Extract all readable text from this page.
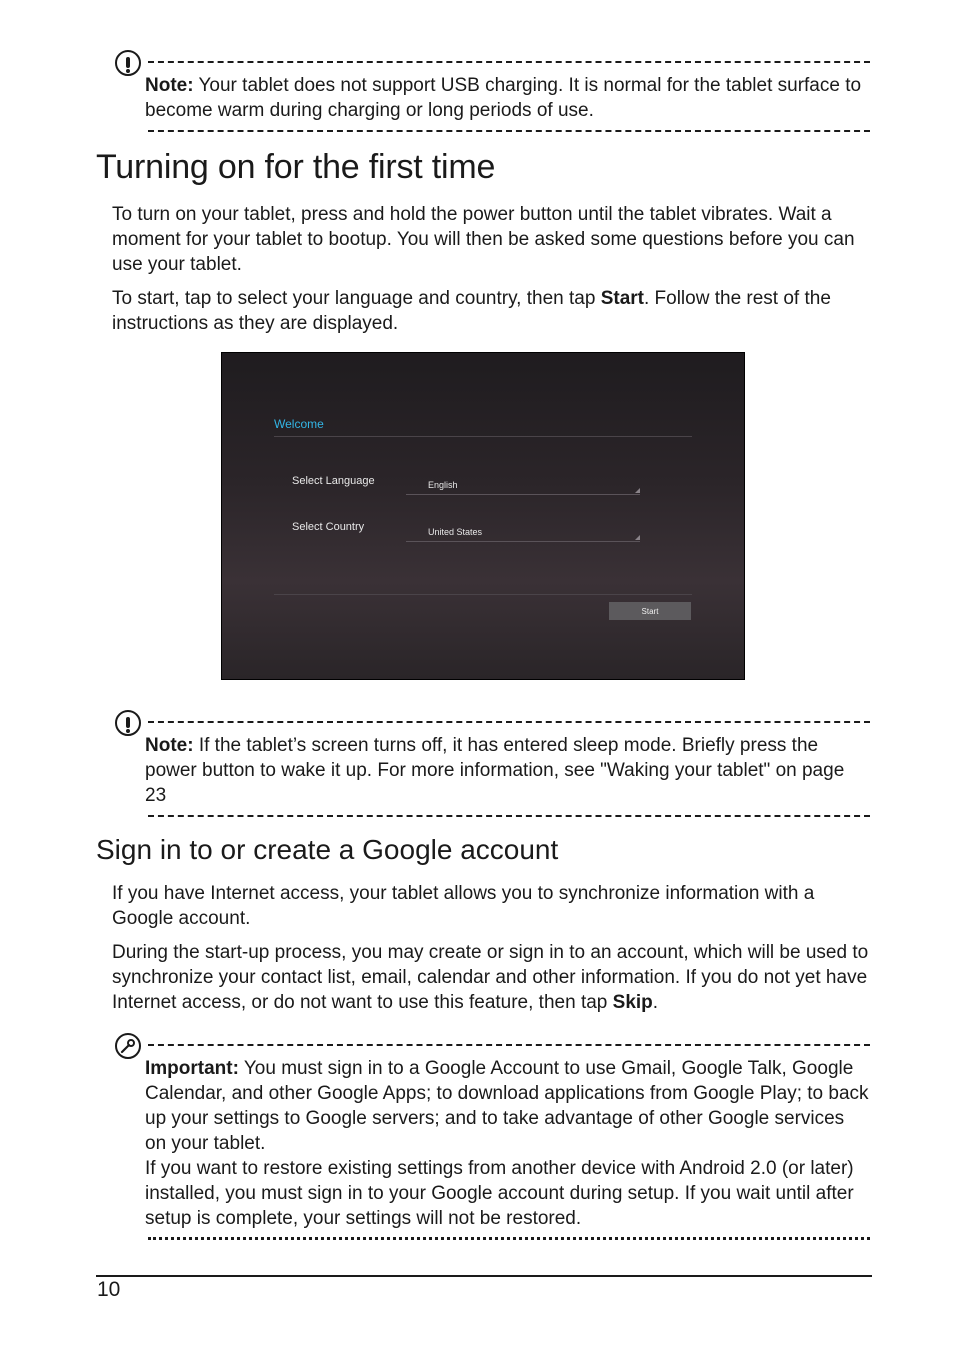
Note: Your tablet does not support USB charging. It is normal for the tablet surface to become warm during charging or long periods of use.

Turning on for the first time

To turn on your tablet, press and hold the power button until the tablet vibrates. Wait a moment for your tablet to bootup. You will then be asked some questions before you can use your tablet.

To start, tap to select your language and country, then tap Start. Follow the rest of the instructions as they are displayed.

Welcome
Select Language	English
Select Country	United States
Start

Note: If the tablet’s screen turns off, it has entered sleep mode. Briefly press the power button to wake it up. For more information, see "Waking your tablet" on page 23

Sign in to or create a Google account

If you have Internet access, your tablet allows you to synchronize information with a Google account.

During the start-up process, you may create or sign in to an account, which will be used to synchronize your contact list, email, calendar and other information. If you do not yet have Internet access, or do not want to use this feature, then tap Skip.

Important: You must sign in to a Google Account to use Gmail, Google Talk, Google Calendar, and other Google Apps; to download applications from Google Play; to back up your settings to Google servers; and to take advantage of other Google services on your tablet.

If you want to restore existing settings from another device with Android 2.0 (or later) installed, you must sign in to your Google account during setup. If you wait until after setup is complete, your settings will not be restored.

10
